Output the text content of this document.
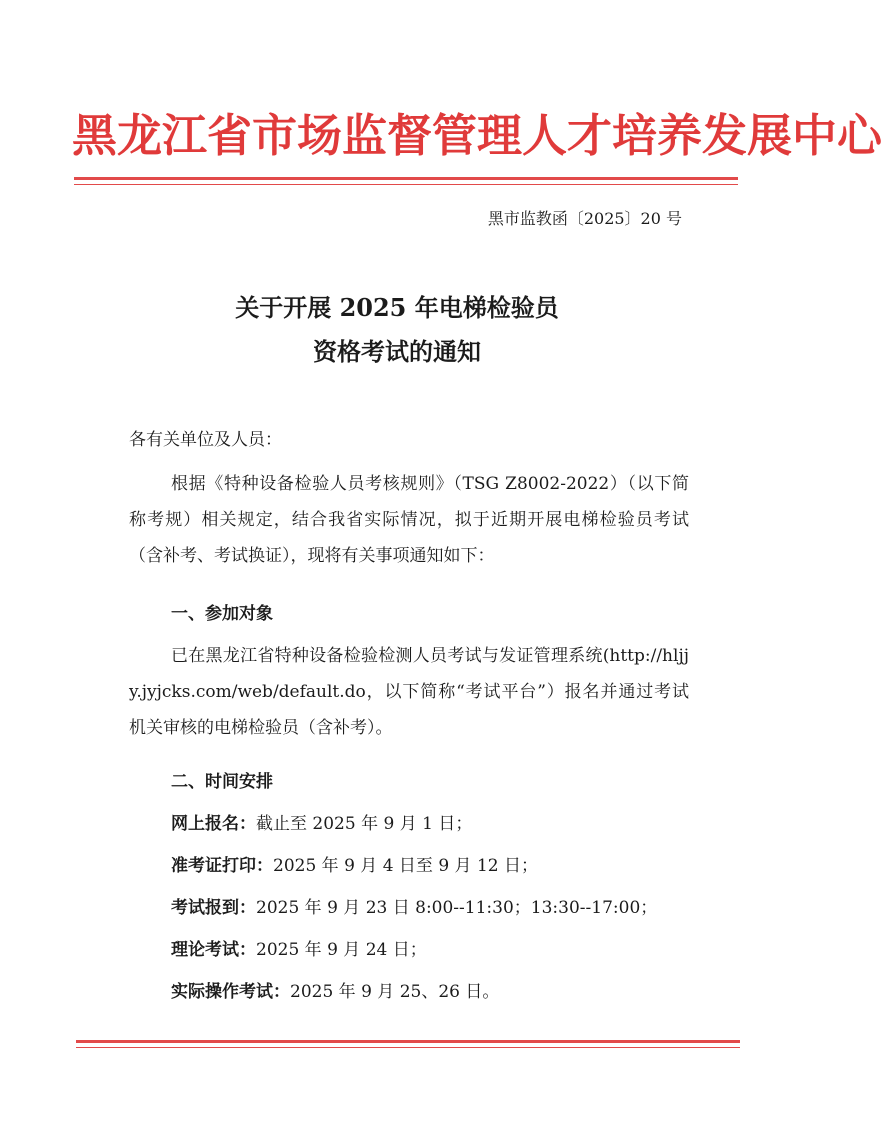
黑龙江省市场监督管理人才培养发展中心
黑市监教函〔2025〕20 号
关于开展 2025 年电梯检验员
资格考试的通知
各有关单位及人员：
根据《特种设备检验人员考核规则》（TSG Z8002-2022）（以下简称考规）相关规定，结合我省实际情况，拟于近期开展电梯检验员考试（含补考、考试换证），现将有关事项通知如下：
一、参加对象
已在黑龙江省特种设备检验检测人员考试与发证管理系统(http://hljjy.jyjcks.com/web/default.do，以下简称“考试平台”）报名并通过考试机关审核的电梯检验员（含补考）。
二、时间安排
网上报名：截止至 2025 年 9 月 1 日；
准考证打印：2025 年 9 月 4 日至 9 月 12 日；
考试报到：2025 年 9 月 23 日 8:00--11:30；13:30--17:00；
理论考试：2025 年 9 月 24 日；
实际操作考试：2025 年 9 月 25、26 日。
